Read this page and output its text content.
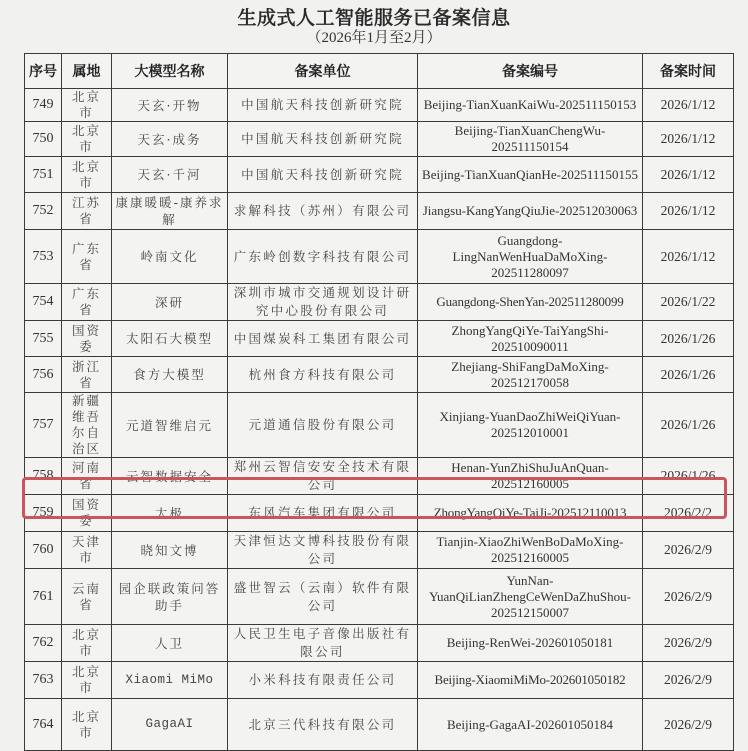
生成式人工智能服务已备案信息
（2026年1月至2月）
序号	属地	大模型名称	备案单位	备案编号	备案时间
749	北京市	天玄·开物	中国航天科技创新研究院	Beijing-TianXuanKaiWu-202511150153	2026/1/12
750	北京市	天玄·成务	中国航天科技创新研究院	Beijing-TianXuanChengWu-202511150154	2026/1/12
751	北京市	天玄·千河	中国航天科技创新研究院	Beijing-TianXuanQianHe-202511150155	2026/1/12
752	江苏省	康康暖暖-康养求解	求解科技（苏州）有限公司	Jiangsu-KangYangQiuJie-202512030063	2026/1/12
753	广东省	岭南文化	广东岭创数字科技有限公司	Guangdong-LingNanWenHuaDaMoXing-202511280097	2026/1/12
754	广东省	深研	深圳市城市交通规划设计研究中心股份有限公司	Guangdong-ShenYan-202511280099	2026/1/22
755	国资委	太阳石大模型	中国煤炭科工集团有限公司	ZhongYangQiYe-TaiYangShi-202510090011	2026/1/26
756	浙江省	食方大模型	杭州食方科技有限公司	Zhejiang-ShiFangDaMoXing-202512170058	2026/1/26
757	新疆维吾尔自治区	元道智维启元	元道通信股份有限公司	Xinjiang-YuanDaoZhiWeiQiYuan-202512010001	2026/1/26
758	河南省	云智数据安全	郑州云智信安安全技术有限公司	Henan-YunZhiShuJuAnQuan-202512160005	2026/1/26
759	国资委	太极	东风汽车集团有限公司	ZhongYangQiYe-TaiJi-202512110013	2026/2/2
760	天津市	晓知文博	天津恒达文博科技股份有限公司	Tianjin-XiaoZhiWenBoDaMoXing-202512160005	2026/2/9
761	云南省	园企联政策问答助手	盛世智云（云南）软件有限公司	YunNan-YuanQiLianZhengCeWenDaZhuShou-202512150007	2026/2/9
762	北京市	人卫	人民卫生电子音像出版社有限公司	Beijing-RenWei-202601050181	2026/2/9
763	北京市	Xiaomi MiMo	小米科技有限责任公司	Beijing-XiaomiMiMo-202601050182	2026/2/9
764	北京市	GagaAI	北京三代科技有限公司	Beijing-GagaAI-202601050184	2026/2/9
